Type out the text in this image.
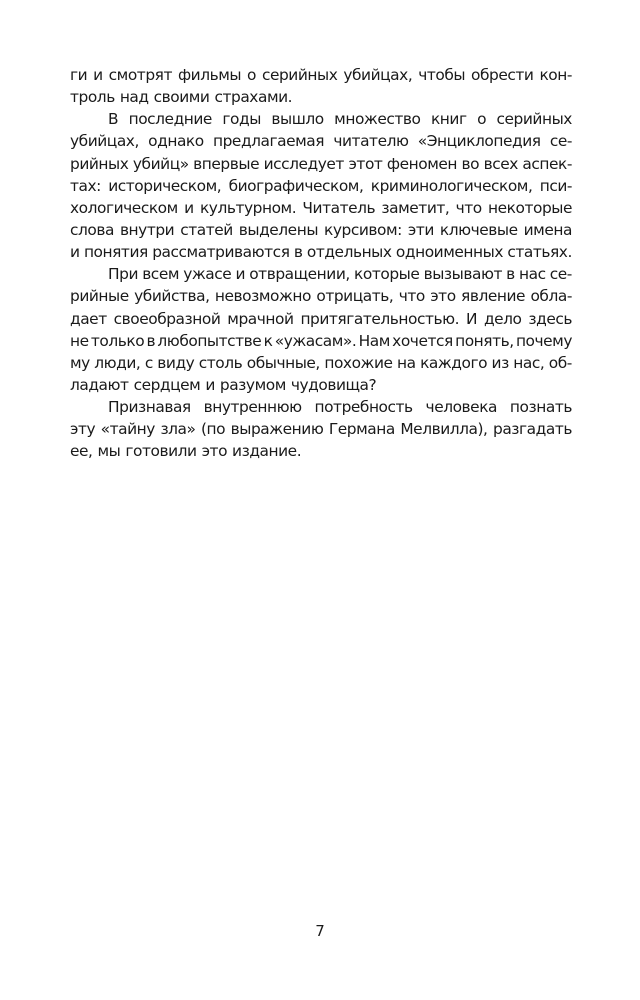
ги и смотрят фильмы о серийных убийцах, чтобы обрести кон-
троль над своими страхами.
В последние годы вышло множество книг о серийных
убийцах, однако предлагаемая читателю «Энциклопедия се-
рийных убийц» впервые исследует этот феномен во всех аспек-
тах: историческом, биографическом, криминологическом, пси-
хологическом и культурном. Читатель заметит, что некоторые
слова внутри статей выделены курсивом: эти ключевые имена
и понятия рассматриваются в отдельных одноименных статьях.
При всем ужасе и отвращении, которые вызывают в нас се-
рийные убийства, невозможно отрицать, что это явление обла-
дает своеобразной мрачной притягательностью. И дело здесь
не только в любопытстве к «ужасам». Нам хочется понять, почему
му люди, с виду столь обычные, похожие на каждого из нас, об-
ладают сердцем и разумом чудовища?
Признавая внутреннюю потребность человека познать
эту «тайну зла» (по выражению Германа Мелвилла), разгадать
ее, мы готовили это издание.
7
